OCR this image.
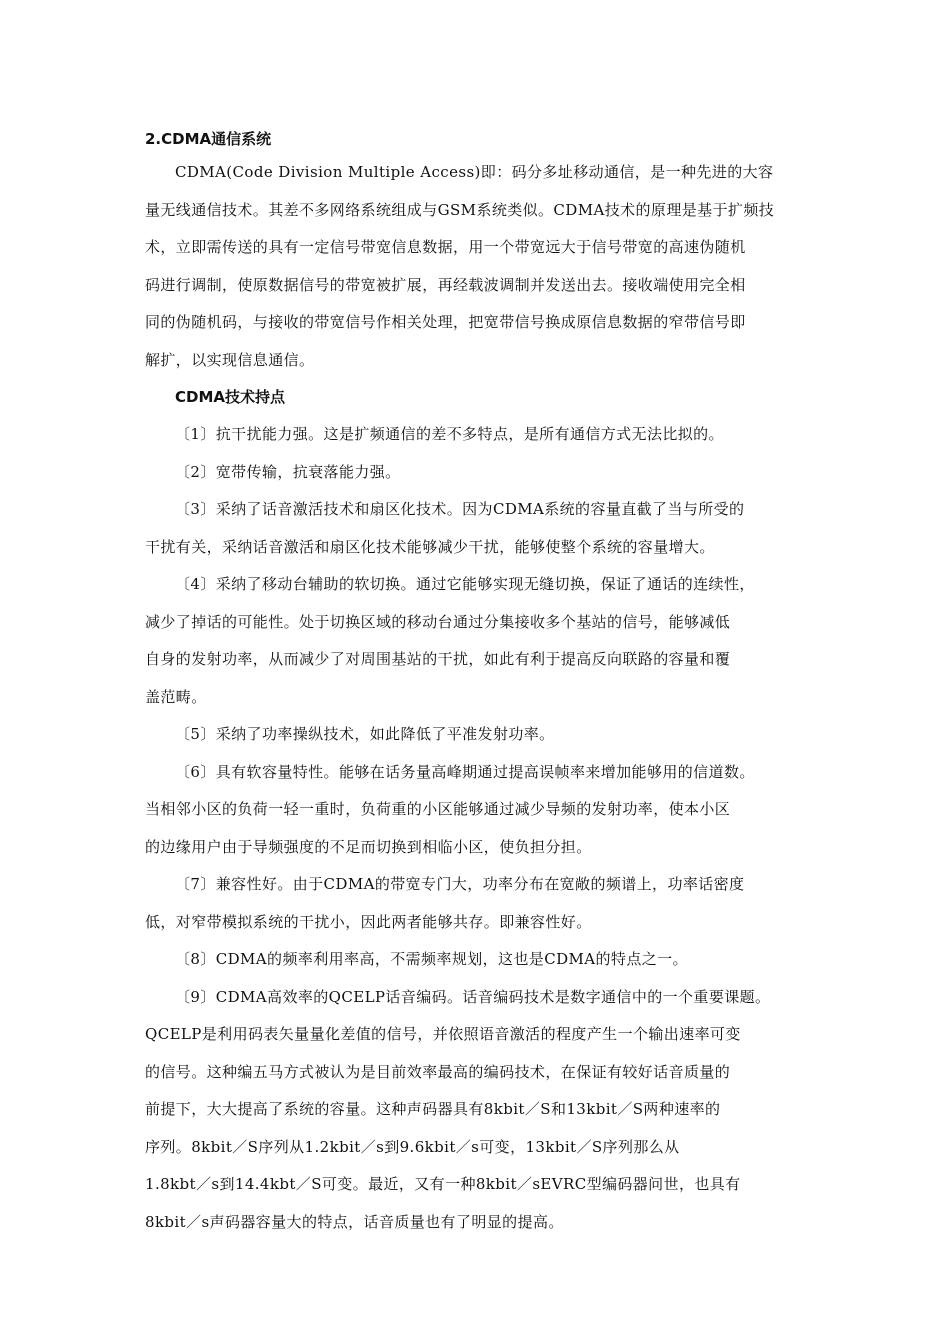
2.CDMA通信系统

CDMA(Code Division Multiple Access)即：码分多址移动通信，是一种先进的大容

量无线通信技术。其差不多网络系统组成与GSM系统类似。CDMA技术的原理是基于扩频技

术，立即需传送的具有一定信号带宽信息数据，用一个带宽远大于信号带宽的高速伪随机

码进行调制，使原数据信号的带宽被扩展，再经载波调制并发送出去。接收端使用完全相

同的伪随机码，与接收的带宽信号作相关处理，把宽带信号换成原信息数据的窄带信号即

解扩，以实现信息通信。

CDMA技术持点

〔1〕抗干扰能力强。这是扩频通信的差不多特点，是所有通信方式无法比拟的。

〔2〕宽带传输，抗衰落能力强。

〔3〕采纳了话音激活技术和扇区化技术。因为CDMA系统的容量直截了当与所受的

干扰有关，采纳话音激活和扇区化技术能够减少干扰，能够使整个系统的容量增大。

〔4〕采纳了移动台辅助的软切换。通过它能够实现无缝切换，保证了通话的连续性，

减少了掉话的可能性。处于切换区域的移动台通过分集接收多个基站的信号，能够减低

自身的发射功率，从而减少了对周围基站的干扰，如此有利于提高反向联路的容量和覆

盖范畴。

〔5〕采纳了功率操纵技术，如此降低了平准发射功率。

〔6〕具有软容量特性。能够在话务量高峰期通过提高误帧率来增加能够用的信道数。

当相邻小区的负荷一轻一重时，负荷重的小区能够通过减少导频的发射功率，使本小区

的边缘用户由于导频强度的不足而切换到相临小区，使负担分担。

〔7〕兼容性好。由于CDMA的带宽专门大，功率分布在宽敞的频谱上，功率话密度

低，对窄带模拟系统的干扰小，因此两者能够共存。即兼容性好。

〔8〕CDMA的频率利用率高，不需频率规划，这也是CDMA的特点之一。

〔9〕CDMA高效率的QCELP话音编码。话音编码技术是数字通信中的一个重要课题。

QCELP是利用码表矢量量化差值的信号，并依照语音激活的程度产生一个输出速率可变

的信号。这种编五马方式被认为是目前效率最高的编码技术，在保证有较好话音质量的

前提下，大大提高了系统的容量。这种声码器具有8kbit／S和13kbit／S两种速率的

序列。8kbit／S序列从1.2kbit／s到9.6kbit／s可变，13kbit／S序列那么从

1.8kbt／s到14.4kbt／S可变。最近，又有一种8kbit／sEVRC型编码器问世，也具有

8kbit／s声码器容量大的特点，话音质量也有了明显的提高。
